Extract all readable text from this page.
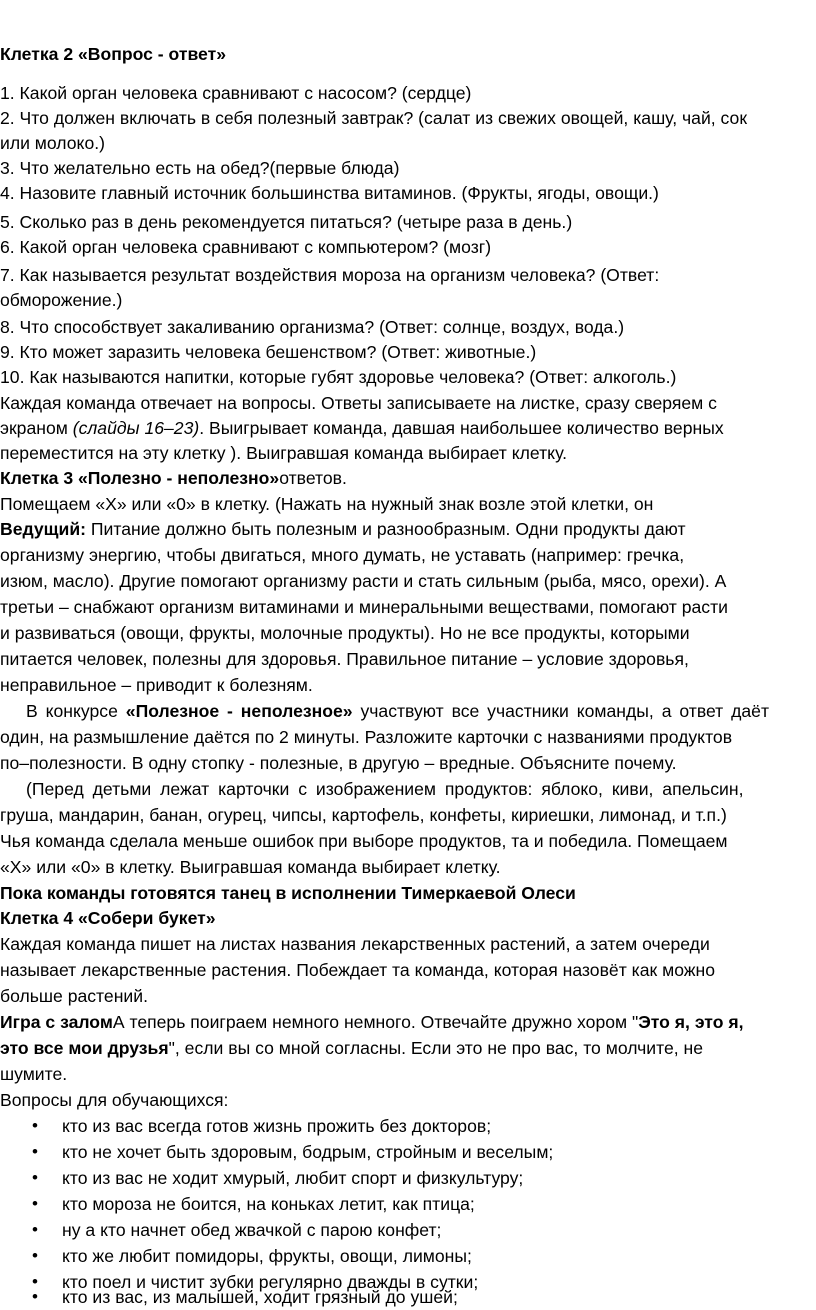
Клетка 2 «Вопрос - ответ»
1. Какой орган человека сравнивают с насосом? (сердце)
2. Что должен включать в себя полезный завтрак? (салат из свежих овощей, кашу, чай, сок
или молоко.)
3. Что желательно есть на обед?(первые блюда)
4. Назовите главный источник большинства витаминов. (Фрукты, ягоды, овощи.)
5. Сколько раз в день рекомендуется питаться? (четыре раза в день.)
6. Какой орган человека сравнивают с компьютером? (мозг)
7. Как называется результат воздействия мороза на организм человека? (Ответ:
обморожение.)
8. Что способствует закаливанию организма? (Ответ: солнце, воздух, вода.)
9. Кто может заразить человека бешенством? (Ответ: животные.)
10. Как называются напитки, которые губят здоровье человека? (Ответ: алкоголь.)
Каждая команда отвечает на вопросы. Ответы записываете на листке, сразу сверяем с
экраном (слайды 16–23). Выигрывает команда, давшая наибольшее количество верных
переместится на эту клетку ). Выигравшая команда выбирает клетку.
Клетка 3 «Полезно - неполезно»ответов.
Помещаем «Х» или «0» в клетку. (Нажать на нужный знак возле этой клетки, он
Ведущий: Питание должно быть полезным и разнообразным. Одни продукты дают
организму энергию, чтобы двигаться, много думать, не уставать (например: гречка,
изюм, масло). Другие помогают организму расти и стать сильным (рыба, мясо, орехи). А
третьи – снабжают организм витаминами и минеральными веществами, помогают расти
и развиваться (овощи, фрукты, молочные продукты). Но не все продукты, которыми
питается человек, полезны для здоровья. Правильное питание – условие здоровья,
неправильное – приводит к болезням.
В конкурсе «Полезное - неполезное» участвуют все участники команды, а ответ даёт
один, на размышление даётся по 2 минуты. Разложите карточки с названиями продуктов
по–полезности. В одну стопку - полезные, в другую – вредные. Объясните почему.
(Перед детьми лежат карточки с изображением продуктов: яблоко, киви, апельсин,
груша, мандарин, банан, огурец, чипсы, картофель, конфеты, кириешки, лимонад, и т.п.)
Чья команда сделала меньше ошибок при выборе продуктов, та и победила. Помещаем
«Х» или «0» в клетку. Выигравшая команда выбирает клетку.
Пока команды готовятся танец в исполнении Тимеркаевой Олеси
Клетка 4 «Собери букет»
Каждая команда пишет на листах названия лекарственных растений, а затем очереди
называет лекарственные растения. Побеждает та команда, которая назовёт как можно
больше растений.
Игра с заломА теперь поиграем немного немного. Отвечайте дружно хором "Это я, это я,
это все мои друзья", если вы со мной согласны. Если это не про вас, то молчите, не
шумите.
Вопросы для обучающихся:
• кто из вас всегда готов жизнь прожить без докторов;
• кто не хочет быть здоровым, бодрым, стройным и веселым;
• кто из вас не ходит хмурый, любит спорт и физкультуру;
• кто мороза не боится, на коньках летит, как птица;
• ну а кто начнет обед жвачкой с парою конфет;
• кто же любит помидоры, фрукты, овощи, лимоны;
• кто поел и чистит зубки регулярно дважды в сутки;
• кто из вас, из малышей, ходит грязный до ушей;
